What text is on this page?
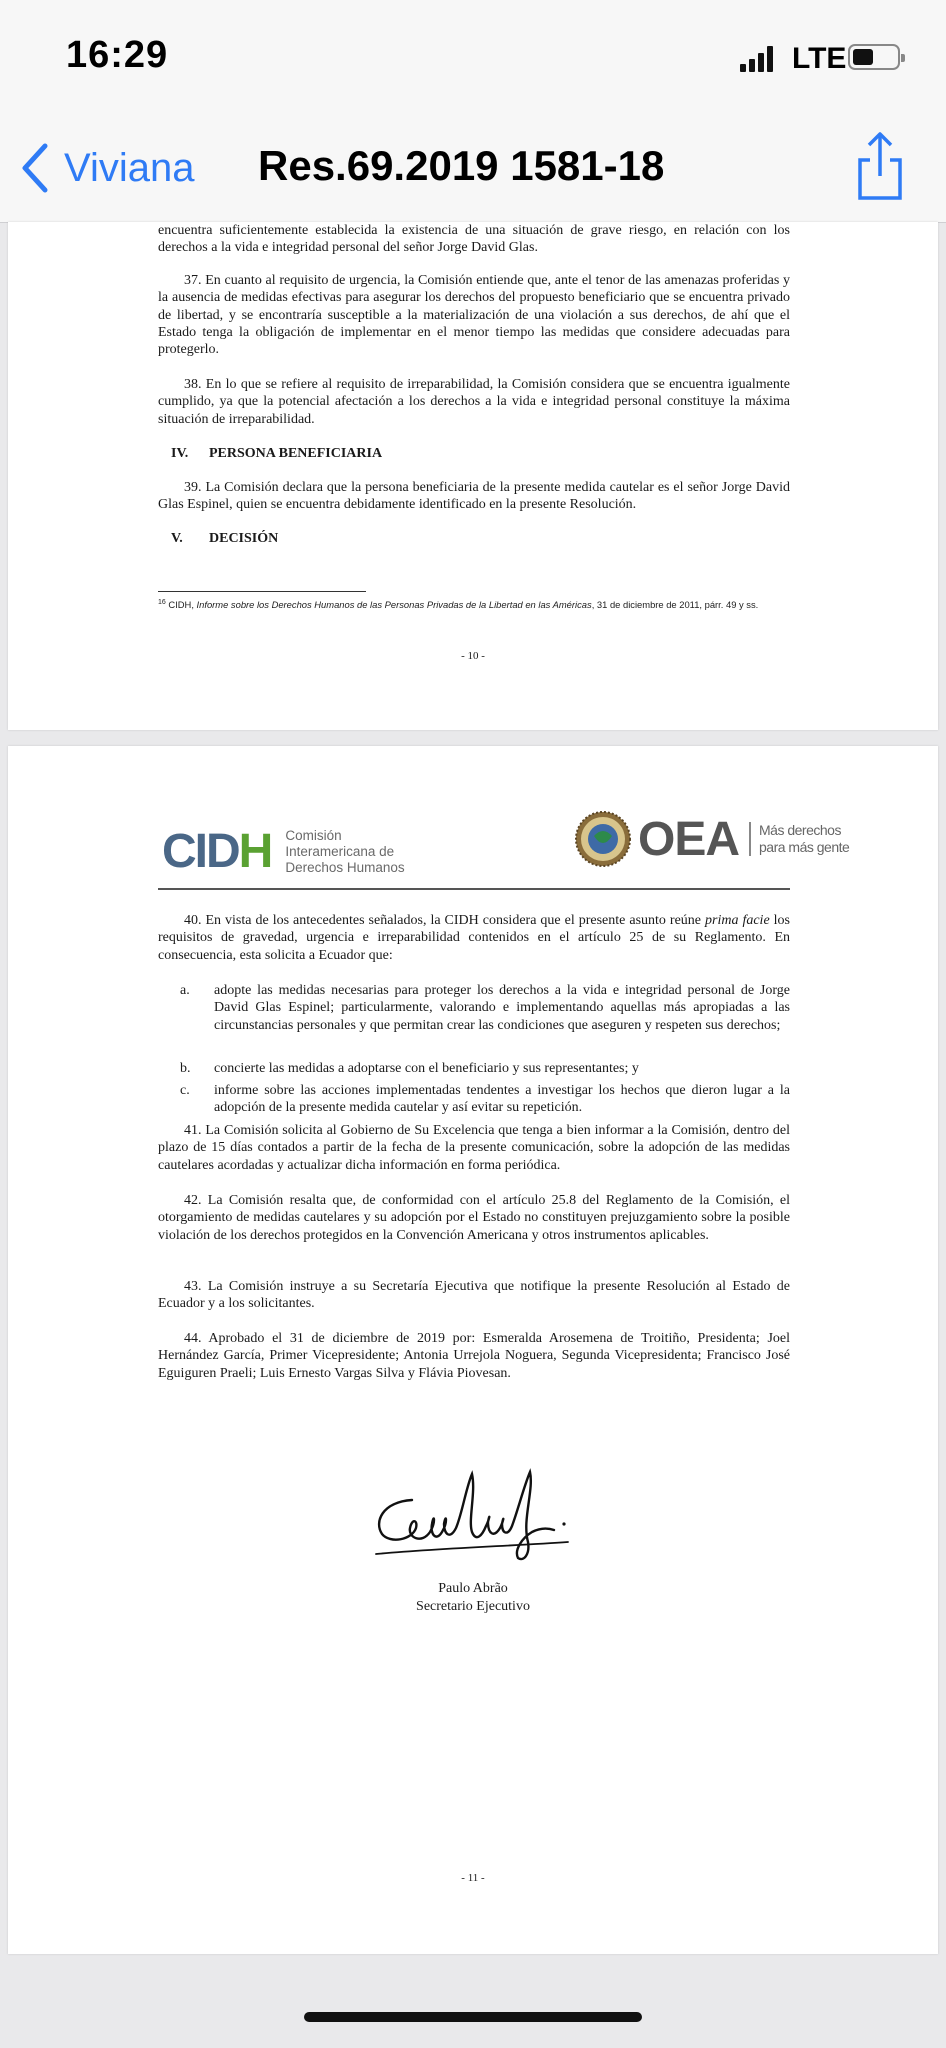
16:29	LTE
Viviana Res.69.2019 1581-18

encuentra suficientemente establecida la existencia de una situación de grave riesgo, en relación con los derechos a la vida e integridad personal del señor Jorge David Glas.

37. En cuanto al requisito de urgencia, la Comisión entiende que, ante el tenor de las amenazas proferidas y la ausencia de medidas efectivas para asegurar los derechos del propuesto beneficiario que se encuentra privado de libertad, y se encontraría susceptible a la materialización de una violación a sus derechos, de ahí que el Estado tenga la obligación de implementar en el menor tiempo las medidas que considere adecuadas para protegerlo.

38. En lo que se refiere al requisito de irreparabilidad, la Comisión considera que se encuentra igualmente cumplido, ya que la potencial afectación a los derechos a la vida e integridad personal constituye la máxima situación de irreparabilidad.

IV. PERSONA BENEFICIARIA

39. La Comisión declara que la persona beneficiaria de la presente medida cautelar es el señor Jorge David Glas Espinel, quien se encuentra debidamente identificado en la presente Resolución.

V. DECISIÓN
$^{16}$ CIDH, Informe sobre los Derechos Humanos de las Personas Privadas de la Libertad en las Américas, 31 de diciembre de 2011, párr. 49 y ss.
- 10 -
CIDH Comisión
Interamericana de
Derechos Humanos
OEA Más derechos
para más gente

40. En vista de los antecedentes señalados, la CIDH considera que el presente asunto reúne prima facie los requisitos de gravedad, urgencia e irreparabilidad contenidos en el artículo 25 de su Reglamento. En consecuencia, esta solicita a Ecuador que:

a. adopte las medidas necesarias para proteger los derechos a la vida e integridad personal de Jorge David Glas Espinel; particularmente, valorando e implementando aquellas más apropiadas a las circunstancias personales y que permitan crear las condiciones que aseguren y respeten sus derechos;
b. concierte las medidas a adoptarse con el beneficiario y sus representantes; y
c. informe sobre las acciones implementadas tendentes a investigar los hechos que dieron lugar a la adopción de la presente medida cautelar y así evitar su repetición.

41. La Comisión solicita al Gobierno de Su Excelencia que tenga a bien informar a la Comisión, dentro del plazo de 15 días contados a partir de la fecha de la presente comunicación, sobre la adopción de las medidas cautelares acordadas y actualizar dicha información en forma periódica.

42. La Comisión resalta que, de conformidad con el artículo 25.8 del Reglamento de la Comisión, el otorgamiento de medidas cautelares y su adopción por el Estado no constituyen prejuzgamiento sobre la posible violación de los derechos protegidos en la Convención Americana y otros instrumentos aplicables.

43. La Comisión instruye a su Secretaría Ejecutiva que notifique la presente Resolución al Estado de Ecuador y a los solicitantes.

44. Aprobado el 31 de diciembre de 2019 por: Esmeralda Arosemena de Troitiño, Presidenta; Joel Hernández García, Primer Vicepresidente; Antonia Urrejola Noguera, Segunda Vicepresidenta; Francisco José Eguiguren Praeli; Luis Ernesto Vargas Silva y Flávia Piovesan.

Paulo Abrão
Secretario Ejecutivo
- 11 -
